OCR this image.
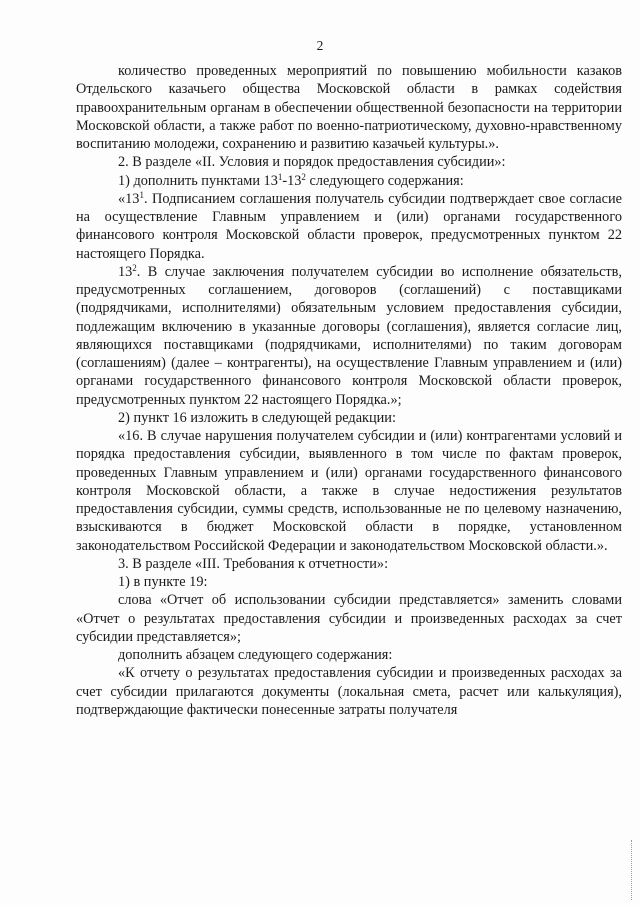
2

количество проведенных мероприятий по повышению мобильности казаков Отдельского казачьего общества Московской области в рамках содействия правоохранительным органам в обеспечении общественной безопасности на территории Московской области, а также работ по военно-патриотическому, духовно-нравственному воспитанию молодежи, сохранению и развитию казачьей культуры.».

2. В разделе «II. Условия и порядок предоставления субсидии»:

1) дополнить пунктами $13^1-13^2$ следующего содержания:

«$13^1$. Подписанием соглашения получатель субсидии подтверждает свое согласие на осуществление Главным управлением и (или) органами государственного финансового контроля Московской области проверок, предусмотренных пунктом 22 настоящего Порядка.

$13^2$. В случае заключения получателем субсидии во исполнение обязательств, предусмотренных соглашением, договоров (соглашений) с поставщиками (подрядчиками, исполнителями) обязательным условием предоставления субсидии, подлежащим включению в указанные договоры (соглашения), является согласие лиц, являющихся поставщиками (подрядчиками, исполнителями) по таким договорам (соглашениям) (далее – контрагенты), на осуществление Главным управлением и (или) органами государственного финансового контроля Московской области проверок, предусмотренных пунктом 22 настоящего Порядка.»;

2) пункт 16 изложить в следующей редакции:

«16. В случае нарушения получателем субсидии и (или) контрагентами условий и порядка предоставления субсидии, выявленного в том числе по фактам проверок, проведенных Главным управлением и (или) органами государственного финансового контроля Московской области, а также в случае недостижения результатов предоставления субсидии, суммы средств, использованные не по целевому назначению, взыскиваются в бюджет Московской области в порядке, установленном законодательством Российской Федерации и законодательством Московской области.».

3. В разделе «III. Требования к отчетности»:

1) в пункте 19:

слова «Отчет об использовании субсидии представляется» заменить словами «Отчет о результатах предоставления субсидии и произведенных расходах за счет субсидии представляется»;

дополнить абзацем следующего содержания:

«К отчету о результатах предоставления субсидии и произведенных расходах за счет субсидии прилагаются документы (локальная смета, расчет или калькуляция), подтверждающие фактически понесенные затраты получателя
